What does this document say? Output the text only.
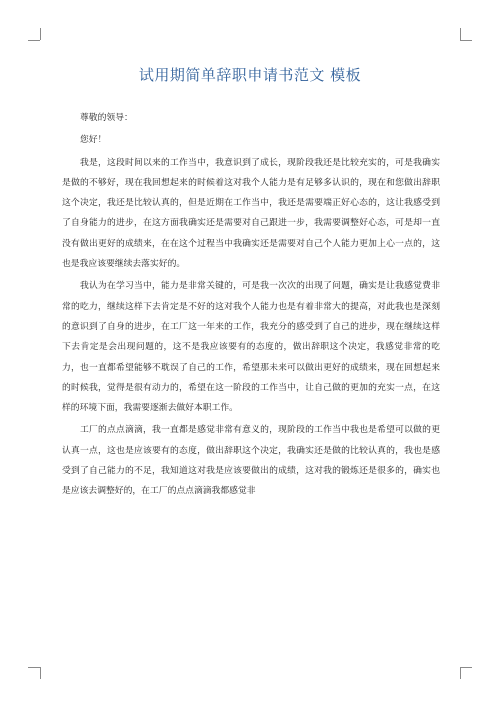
试用期简单辞职申请书范文 模板

尊敬的领导：

您好！

我是，这段时间以来的工作当中，我意识到了成长，现阶段我还是比较充实的，可是我确实是做的不够好，现在我回想起来的时候着这对我个人能力是有足够多认识的，现在和您做出辞职这个决定，我还是比较认真的，但是近期在工作当中，我还是需要端正好心态的，这让我感受到了自身能力的进步，在这方面我确实还是需要对自己跟进一步，我需要调整好心态，可是却一直没有做出更好的成绩来，在在这个过程当中我确实还是需要对自己个人能力更加上心一点的，这也是我应该要继续去落实好的。

我认为在学习当中，能力是非常关键的，可是我一次次的出现了问题，确实是让我感觉费非常的吃力，继续这样下去肯定是不好的这对我个人能力也是有着非常大的提高，对此我也是深刻的意识到了自身的进步，在工厂这一年来的工作，我充分的感受到了自己的进步，现在继续这样下去肯定是会出现问题的，这不是我应该要有的态度的，做出辞职这个决定，我感觉非常的吃力，也一直都希望能够不耽误了自己的工作，希望那未来可以做出更好的成绩来，现在回想起来的时候我，觉得是很有动力的，希望在这一阶段的工作当中，让自己做的更加的充实一点，在这样的环境下面，我需要逐渐去做好本职工作。

工厂的点点滴滴，我一直都是感觉非常有意义的，现阶段的工作当中我也是希望可以做的更认真一点，这也是应该要有的态度，做出辞职这个决定，我确实还是做的比较认真的，我也是感受到了自己能力的不足，我知道这对我是应该要做出的成绩，这对我的锻炼还是很多的，确实也是应该去调整好的，在工厂的点点滴滴我都感觉非
